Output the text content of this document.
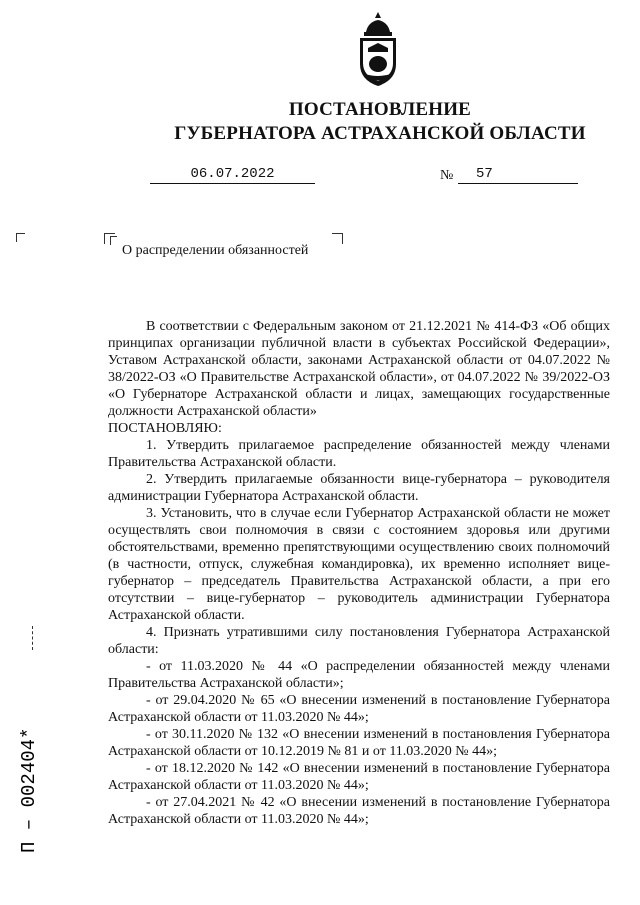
ПОСТАНОВЛЕНИЕ
ГУБЕРНАТОРА АСТРАХАНСКОЙ ОБЛАСТИ
06.07.2022	№	57
О распределении обязанностей

В соответствии с Федеральным законом от 21.12.2021 № 414-ФЗ «Об общих принципах организации публичной власти в субъектах Российской Федерации», Уставом Астраханской области, законами Астраханской области от 04.07.2022 № 38/2022-ОЗ «О Правительстве Астраханской области», от 04.07.2022 № 39/2022-ОЗ «О Губернаторе Астраханской области и лицах, замещающих государственные должности Астраханской области»

ПОСТАНОВЛЯЮ:

1. Утвердить прилагаемое распределение обязанностей между членами Правительства Астраханской области.

2. Утвердить прилагаемые обязанности вице-губернатора – руководителя администрации Губернатора Астраханской области.

3. Установить, что в случае если Губернатор Астраханской области не может осуществлять свои полномочия в связи с состоянием здоровья или другими обстоятельствами, временно препятствующими осуществлению своих полномочий (в частности, отпуск, служебная командировка), их временно исполняет вице-губернатор – председатель Правительства Астраханской области, а при его отсутствии – вице-губернатор – руководитель администрации Губернатора Астраханской области.

4. Признать утратившими силу постановления Губернатора Астраханской области:

- от 11.03.2020 № 44 «О распределении обязанностей между членами Правительства Астраханской области»;

- от 29.04.2020 № 65 «О внесении изменений в постановление Губернатора Астраханской области от 11.03.2020 № 44»;

- от 30.11.2020 № 132 «О внесении изменений в постановления Губернатора Астраханской области от 10.12.2019 № 81 и от 11.03.2020 № 44»;

- от 18.12.2020 № 142 «О внесении изменений в постановление Губернатора Астраханской области от 11.03.2020 № 44»;

- от 27.04.2021 № 42 «О внесении изменений в постановление Губернатора Астраханской области от 11.03.2020 № 44»;

П – 002404*
